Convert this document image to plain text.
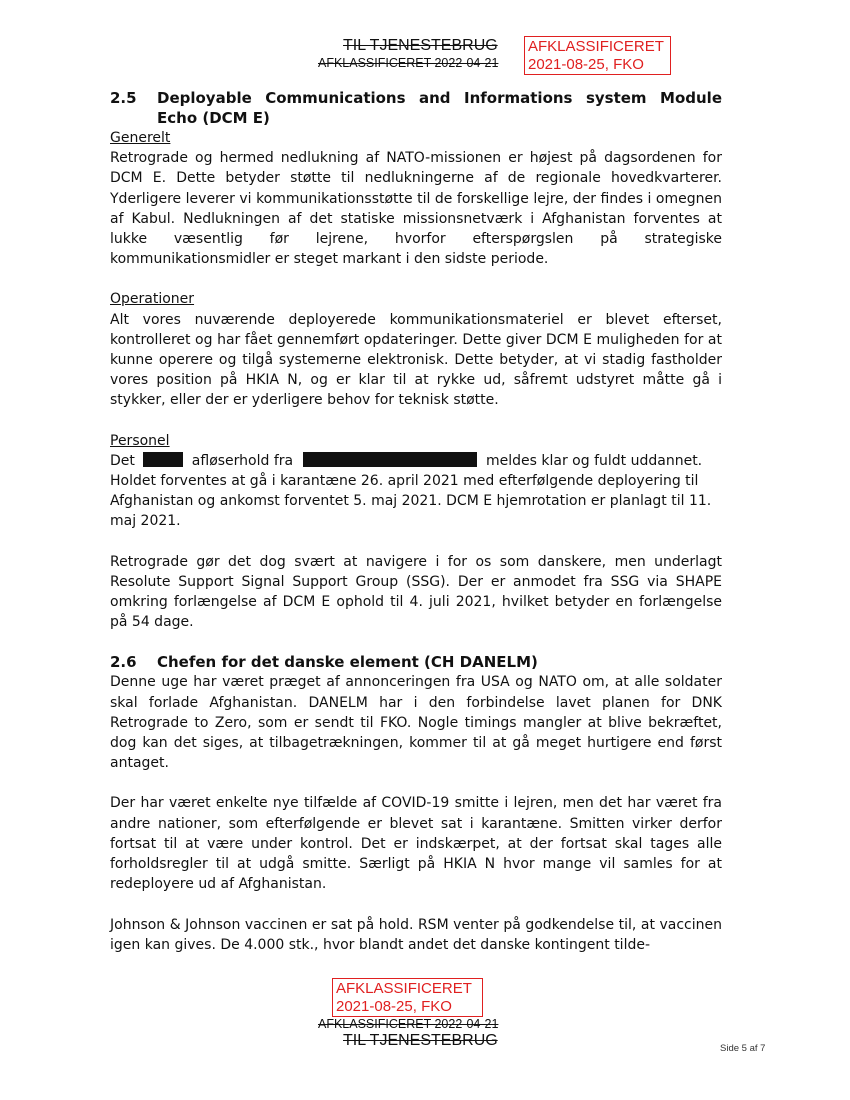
TIL TJENESTEBRUG
AFKLASSIFICERET 2022-04-21
AFKLASSIFICERET
2021-08-25, FKO
2.5	Deployable Communications and Informations system Module Echo (DCM E)

Generelt

Retrograde og hermed nedlukning af NATO-missionen er højest på dagsordenen for DCM E. Dette betyder støtte til nedlukningerne af de regionale hovedkvarterer. Yderligere leverer vi kommunikationsstøtte til de forskellige lejre, der findes i omegnen af Kabul. Nedlukningen af det statiske missionsnetværk i Afghanistan forventes at lukke væsentlig før lejrene, hvorfor efterspørgslen på strategiske kommunikationsmidler er steget markant i den sidste periode.

Operationer

Alt vores nuværende deployerede kommunikationsmateriel er blevet efterset, kontrolleret og har fået gennemført opdateringer. Dette giver DCM E muligheden for at kunne operere og tilgå systemerne elektronisk. Dette betyder, at vi stadig fastholder vores position på HKIA N, og er klar til at rykke ud, såfremt udstyret måtte gå i stykker, eller der er yderligere behov for teknisk støtte.

Personel

Det	afløserhold fra	meldes klar og fuldt uddannet.

Holdet forventes at gå i karantæne 26. april 2021 med efterfølgende deployering til Afghanistan og ankomst forventet 5. maj 2021. DCM E hjemrotation er planlagt til 11. maj 2021.

Retrograde gør det dog svært at navigere i for os som danskere, men underlagt Resolute Support Signal Support Group (SSG). Der er anmodet fra SSG via SHAPE omkring forlængelse af DCM E ophold til 4. juli 2021, hvilket betyder en forlængelse på 54 dage.

2.6	Chefen for det danske element (CH DANELM)

Denne uge har været præget af annonceringen fra USA og NATO om, at alle soldater skal forlade Afghanistan. DANELM har i den forbindelse lavet planen for DNK Retrograde to Zero, som er sendt til FKO. Nogle timings mangler at blive bekræftet, dog kan det siges, at tilbagetrækningen, kommer til at gå meget hurtigere end først antaget.

Der har været enkelte nye tilfælde af COVID-19 smitte i lejren, men det har været fra andre nationer, som efterfølgende er blevet sat i karantæne. Smitten virker derfor fortsat til at være under kontrol. Det er indskærpet, at der fortsat skal tages alle forholdsregler til at udgå smitte. Særligt på HKIA N hvor mange vil samles for at redeployere ud af Afghanistan.

Johnson & Johnson vaccinen er sat på hold. RSM venter på godkendelse til, at vaccinen igen kan gives. De 4.000 stk., hvor blandt andet det danske kontingent tilde-

AFKLASSIFICERET
2021-08-25, FKO
AFKLASSIFICERET 2022-04-21
TIL TJENESTEBRUG	Side 5 af 7
